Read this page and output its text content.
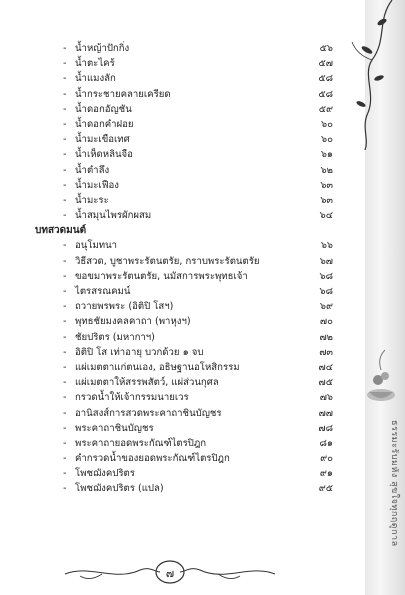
ธรรมะรับมหัง สุขใจทุกฤดูกาล
- น้ำหญ้าปักกิ่ง	๕๖
- น้ำตะไคร้	๕๗
- น้ำแมงลัก	๕๘
- น้ำกระชายคลายเครียด	๕๘
- น้ำดอกอัญชัน	๕๙
- น้ำดอกคำฝอย	๖๐
- น้ำมะเขือเทศ	๖๐
- น้ำเห็ดหลินจือ	๖๑
- น้ำตำลึง	๖๒
- น้ำมะเฟือง	๖๓
- น้ำมะระ	๖๓
- น้ำสมุนไพรผักผสม	๖๔
บทสวดมนต์
- อนุโมทนา	๖๖
- วิธีสวด, บูชาพระรัตนตรัย, กราบพระรัตนตรัย	๖๗
- ขอขมาพระรัตนตรัย, นมัสการพระพุทธเจ้า	๖๘
- ไตรสรณคมน์	๖๘
- ถวายพรพระ (อิติปิ โสฯ)	๖๙
- พุทธชัยมงคลคาถา (พาหุงฯ)	๗๐
- ชัยปริตร (มหากาฯ)	๗๒
- อิติปิ โส เท่าอายุ บวกด้วย ๑ จบ	๗๓
- แผ่เมตตาแก่ตนเอง, อธิษฐานอโหสิกรรม	๗๔
- แผ่เมตตาให้สรรพสัตว์, แผ่ส่วนกุศล	๗๕
- กรวดน้ำให้เจ้ากรรมนายเวร	๗๖
- อานิสงส์การสวดพระคาถาชินบัญชร	๗๗
- พระคาถาชินบัญชร	๗๘
- พระคาถายอดพระกัณฑ์ไตรปิฎก	๘๑
- คำกรวดน้ำของยอดพระกัณฑ์ไตรปิฎก	๙๐
- โพชฌังคปริตร	๙๑
- โพชฌังคปริตร (แปล)	๙๕
๗
